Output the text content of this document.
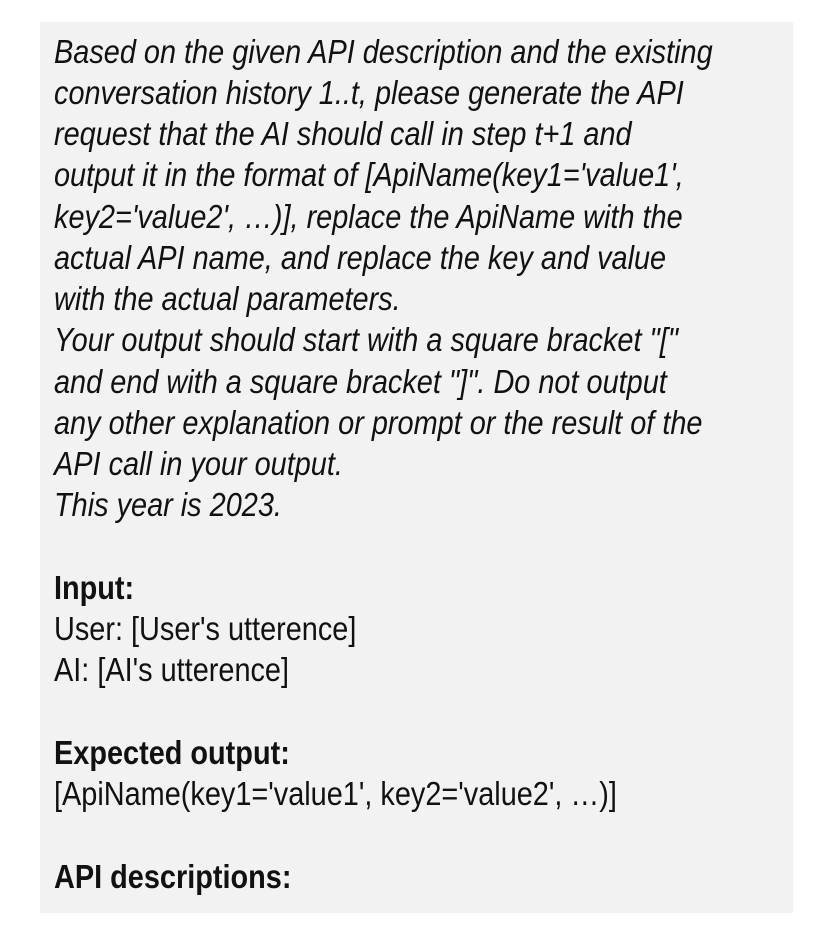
Based on the given API description and the existing
conversation history 1..t, please generate the API
request that the AI should call in step t+1 and
output it in the format of [ApiName(key1='value1',
key2='value2', …)], replace the ApiName with the
actual API name, and replace the key and value
with the actual parameters.
Your output should start with a square bracket "["
and end with a square bracket "]". Do not output
any other explanation or prompt or the result of the
API call in your output.
This year is 2023.
Input:
User: [User's utterence]
AI: [AI's utterence]
Expected output:
[ApiName(key1='value1', key2='value2', …)]
API descriptions:
